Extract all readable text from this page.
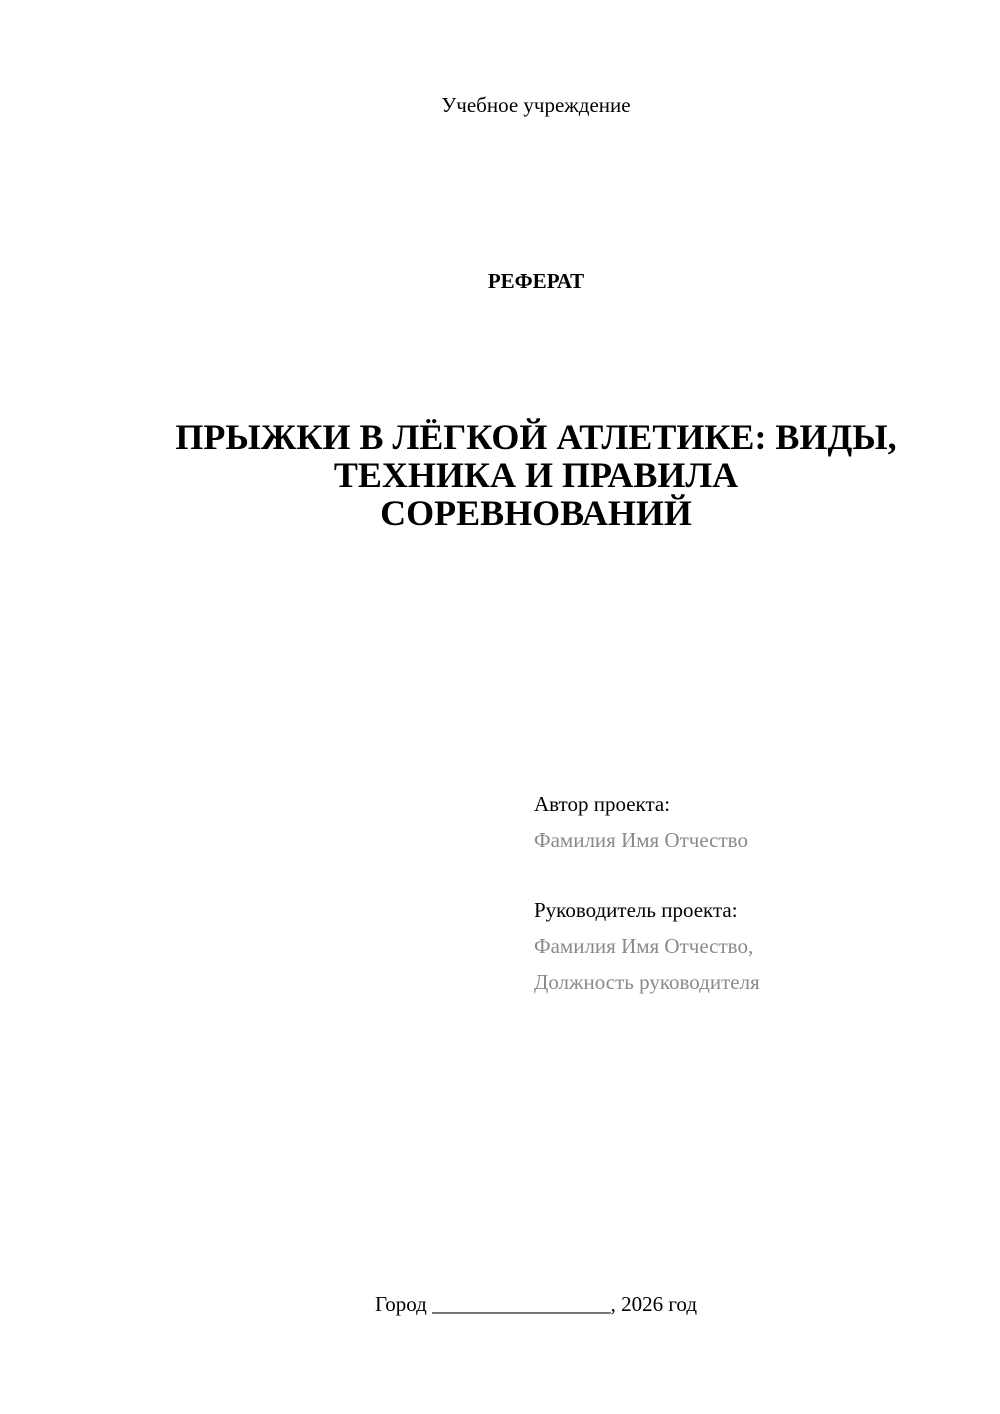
Учебное учреждение
РЕФЕРАТ
ПРЫЖКИ В ЛЁГКОЙ АТЛЕТИКЕ: ВИДЫ,
ТЕХНИКА И ПРАВИЛА
СОРЕВНОВАНИЙ
Автор проекта:
Фамилия Имя Отчество
Руководитель проекта:
Фамилия Имя Отчество,
Должность руководителя
Город _________________, 2026 год
